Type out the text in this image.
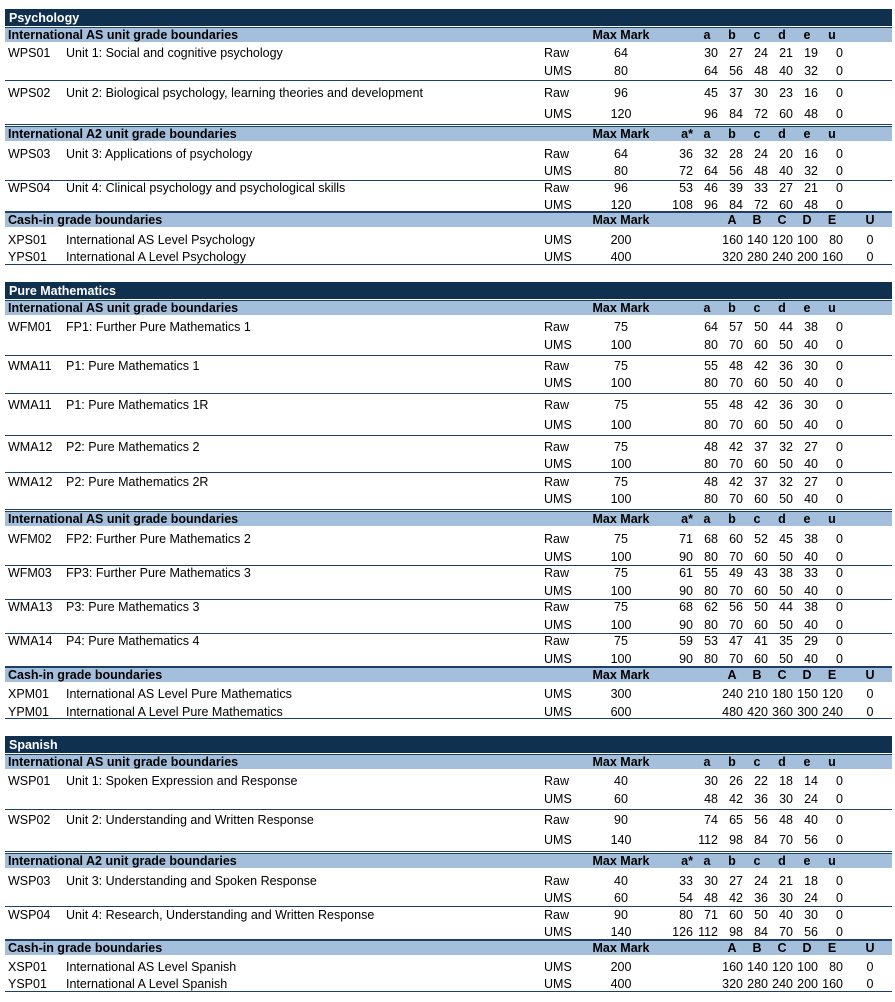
Psychology
International AS unit grade boundaries	Max Mark	a	b	c	d	e	u
WPS01 Unit 1: Social and cognitive psychology	Raw	64	30 27 24 21 19	0
UMS	80	64 56 48 40 32	0
WPS02 Unit 2: Biological psychology, learning theories and development	Raw	96	45 37 30 23 16	0
UMS	120	96 84 72 60 48	0
International A2 unit grade boundaries	Max Mark	a* a	b	c	d	e	u
WPS03 Unit 3: Applications of psychology	Raw	64	36 32 28 24 20 16	0
UMS	80	72 64 56 48 40 32	0
WPS04 Unit 4: Clinical psychology and psychological skills	Raw	96	53 46 39 33 27 21	0
UMS	120	108 96 84 72 60 48	0
Cash-in grade boundaries	Max Mark	A	B	C	D	E	U
XPS01 International AS Level Psychology	UMS	200	160 140 120 100 80	0
YPS01 International A Level Psychology	UMS	400	320 280 240 200 160	0
Pure Mathematics
International AS unit grade boundaries	Max Mark	a	b	c	d	e	u
WFM01 FP1: Further Pure Mathematics 1	Raw	75	64 57 50 44 38	0
UMS	100	80 70 60 50 40	0
WMA11 P1: Pure Mathematics 1	Raw	75	55 48 42 36 30	0
UMS	100	80 70 60 50 40	0
WMA11 P1: Pure Mathematics 1R	Raw	75	55 48 42 36 30	0
UMS	100	80 70 60 50 40	0
WMA12 P2: Pure Mathematics 2	Raw	75	48 42 37 32 27	0
UMS	100	80 70 60 50 40	0
WMA12 P2: Pure Mathematics 2R	Raw	75	48 42 37 32 27	0
UMS	100	80 70 60 50 40	0
International AS unit grade boundaries	Max Mark	a* a	b	c	d	e	u
WFM02 FP2: Further Pure Mathematics 2	Raw	75	71 68 60 52 45 38	0
UMS	100	90 80 70 60 50 40	0
WFM03 FP3: Further Pure Mathematics 3	Raw	75	61 55 49 43 38 33	0
UMS	100	90 80 70 60 50 40	0
WMA13 P3: Pure Mathematics 3	Raw	75	68 62 56 50 44 38	0
UMS	100	90 80 70 60 50 40	0
WMA14 P4: Pure Mathematics 4	Raw	75	59 53 47 41 35 29	0
UMS	100	90 80 70 60 50 40	0
Cash-in grade boundaries	Max Mark	A	B	C	D	E	U
XPM01 International AS Level Pure Mathematics	UMS	300	240 210 180 150 120	0
YPM01 International A Level Pure Mathematics	UMS	600	480 420 360 300 240	0
Spanish
International AS unit grade boundaries	Max Mark	a	b	c	d	e	u
WSP01 Unit 1: Spoken Expression and Response	Raw	40	30 26 22 18 14	0
UMS	60	48 42 36 30 24	0
WSP02 Unit 2: Understanding and Written Response	Raw	90	74 65 56 48 40	0
UMS	140	112 98 84 70 56	0
International A2 unit grade boundaries	Max Mark	a* a	b	c	d	e	u
WSP03 Unit 3: Understanding and Spoken Response	Raw	40	33 30 27 24 21 18	0
UMS	60	54 48 42 36 30 24	0
WSP04 Unit 4: Research, Understanding and Written Response	Raw	90	80 71 60 50 40 30	0
UMS	140	126 112 98 84 70 56	0
Cash-in grade boundaries	Max Mark	A	B	C	D	E	U
XSP01 International AS Level Spanish	UMS	200	160 140 120 100 80	0
YSP01 International A Level Spanish	UMS	400	320 280 240 200 160	0
